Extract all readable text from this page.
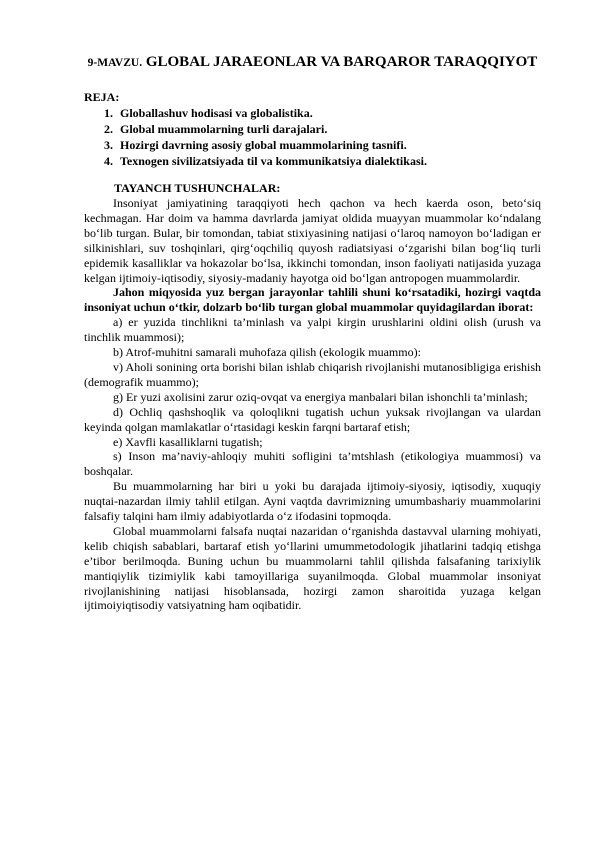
9-MAVZU. GLOBAL JARAEONLAR VA BARQAROR TARAQQIYOT
REJA:
1. Globallashuv hodisasi va globalistika.
2. Global muammolarning turli darajalari.
3. Hozirgi davrning asosiy global muammolarining tasnifi.
4. Texnogen sivilizatsiyada til va kommunikatsiya dialektikasi.
TAYANCH TUSHUNCHALAR:

Insoniyat jamiyatining taraqqiyoti hech qachon va hech kaerda oson, beto‘siq kechmagan. Har doim va hamma davrlarda jamiyat oldida muayyan muammolar ko‘ndalang bo‘lib turgan. Bular, bir tomondan, tabiat stixiyasining natijasi o‘laroq namoyon bo‘ladigan er silkinishlari, suv toshqinlari, qirg‘oqchiliq quyosh radiatsiyasi o‘zgarishi bilan bog‘liq turli epidemik kasalliklar va hokazolar bo‘lsa, ikkinchi tomondan, inson faoliyati natijasida yuzaga kelgan ijtimoiy-iqtisodiy, siyosiy-madaniy hayotga oid bo‘lgan antropogen muammolardir.

Jahon miqyosida yuz bergan jarayonlar tahlili shuni ko‘rsatadiki, hozirgi vaqtda insoniyat uchun o‘tkir, dolzarb bo‘lib turgan global muammolar quyidagilardan iborat:

a) er yuzida tinchlikni ta’minlash va yalpi kirgin urushlarini oldini olish (urush va tinchlik muammosi);

b) Atrof-muhitni samarali muhofaza qilish (ekologik muammo):

v) Aholi sonining orta borishi bilan ishlab chiqarish rivojlanishi mutanosibligiga erishish (demografik muammo);

g) Er yuzi axolisini zarur oziq-ovqat va energiya manbalari bilan ishonchli ta’minlash;

d) Ochliq qashshoqlik va qoloqlikni tugatish uchun yuksak rivojlangan va ulardan keyinda qolgan mamlakatlar o‘rtasidagi keskin farqni bartaraf etish;

e) Xavfli kasalliklarni tugatish;

s) Inson ma’naviy-ahloqiy muhiti sofligini ta’mtshlash (etikologiya muammosi) va boshqalar.

Bu muammolarning har biri u yoki bu darajada ijtimoiy-siyosiy, iqtisodiy, xuquqiy nuqtai-nazardan ilmiy tahlil etilgan. Ayni vaqtda davrimizning umumbashariy muammolarini falsafiy talqini ham ilmiy adabiyotlarda o‘z ifodasini topmoqda.

Global muammolarni falsafa nuqtai nazaridan o‘rganishda dastavval ularning mohiyati, kelib chiqish sabablari, bartaraf etish yo‘llarini umummetodologik jihatlarini tadqiq etishga e’tibor berilmoqda. Buning uchun bu muammolarni tahlil qilishda falsafaning tarixiylik mantiqiylik tizimiylik kabi tamoyillariga suyanilmoqda. Global muammolar insoniyat rivojlanishining natijasi hisoblansada, hozirgi zamon sharoitida yuzaga kelgan ijtimoiyiqtisodiy vatsiyatning ham oqibatidir.
